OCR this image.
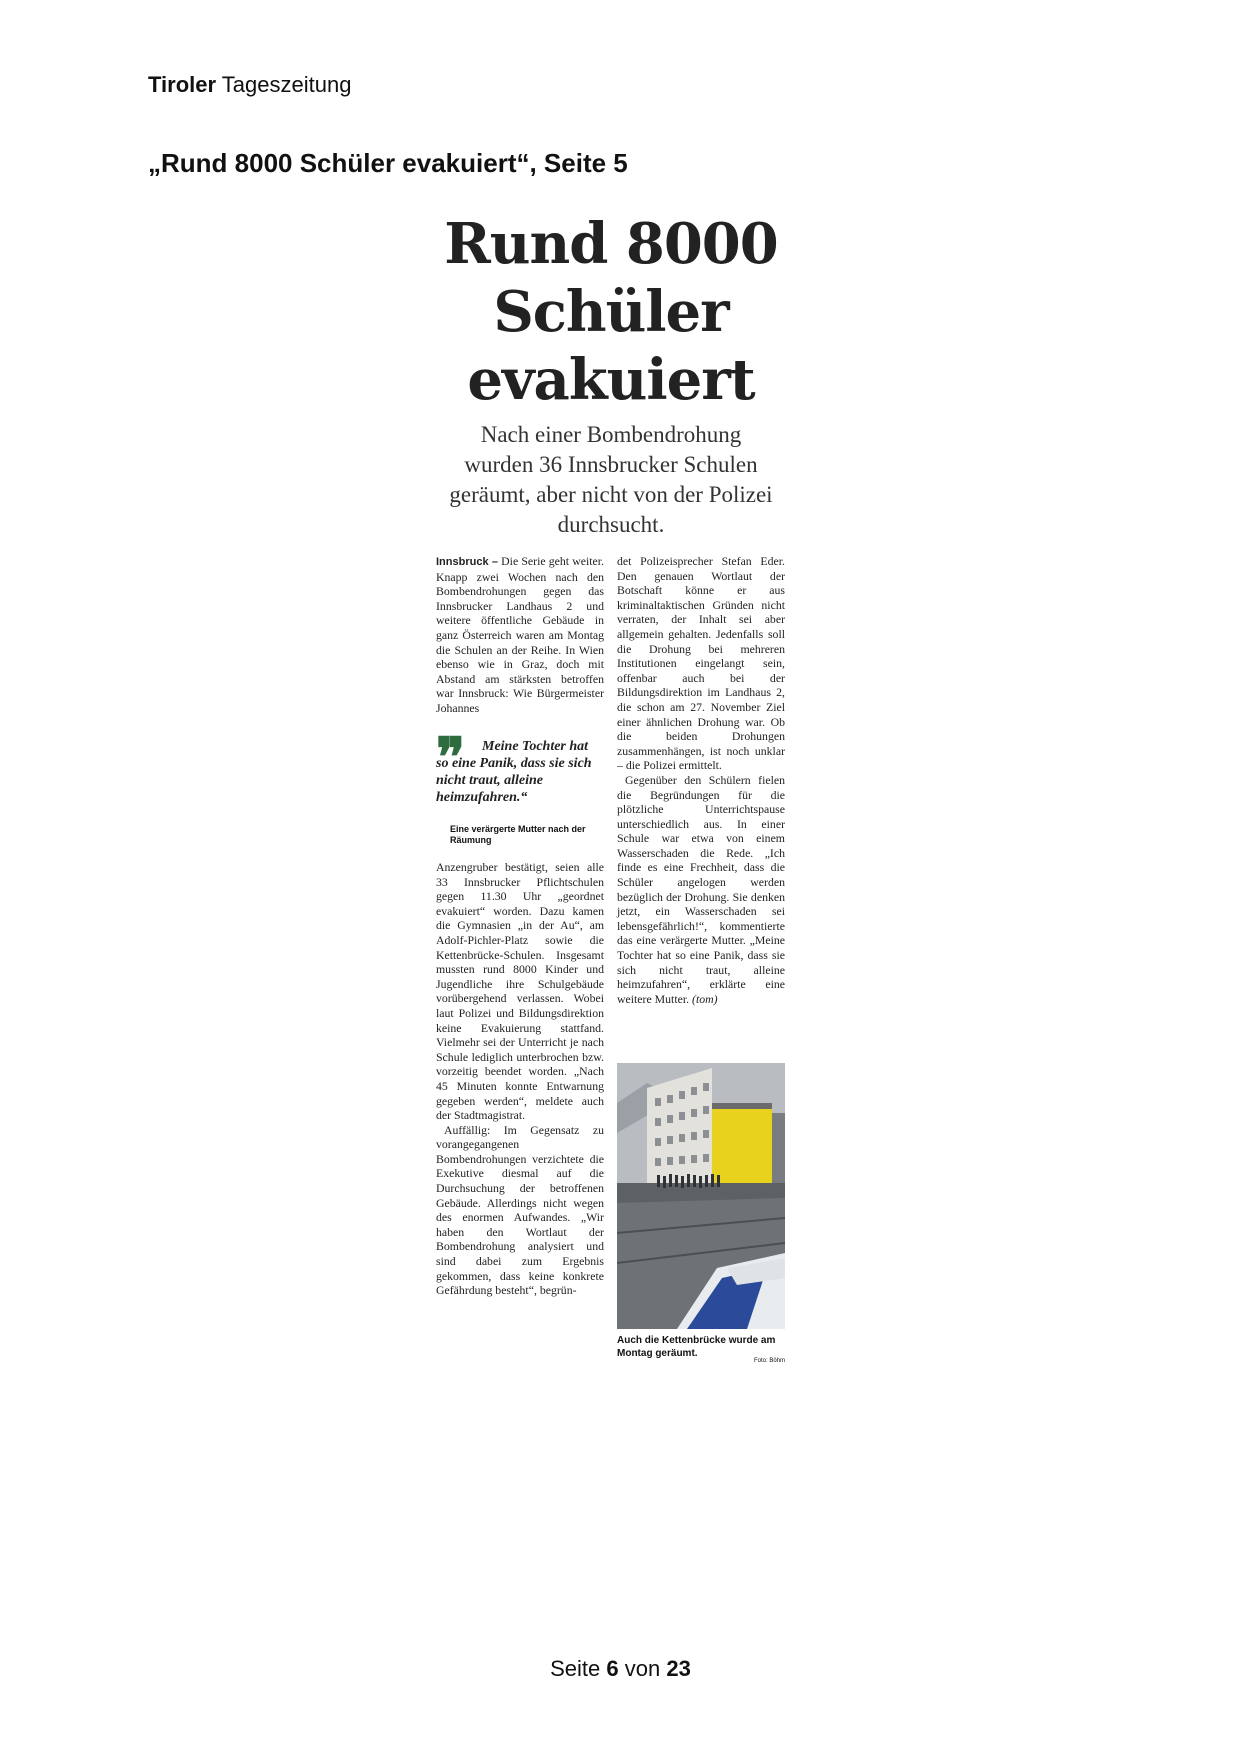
Tiroler Tageszeitung
„Rund 8000 Schüler evakuiert“, Seite 5
Rund 8000 Schüler evakuiert

Nach einer Bombendrohung wurden 36 Innsbrucker Schulen geräumt, aber nicht von der Polizei durchsucht.

Innsbruck – Die Serie geht weiter. Knapp zwei Wochen nach den Bombendrohungen gegen das Innsbrucker Landhaus 2 und weitere öffentliche Gebäude in ganz Österreich waren am Montag die Schulen an der Reihe. In Wien ebenso wie in Graz, doch mit Abstand am stärksten betroffen war Innsbruck: Wie Bürgermeister Johannes

❞	Meine Tochter hat so eine Panik, dass sie sich nicht traut, alleine heimzufahren.“

Eine verärgerte Mutter nach der Räumung

Anzengruber bestätigt, seien alle 33 Innsbrucker Pflichtschulen gegen 11.30 Uhr „geordnet evakuiert“ worden. Dazu kamen die Gymnasien „in der Au“, am Adolf-Pichler-Platz sowie die Kettenbrücke-Schulen. Insgesamt mussten rund 8000 Kinder und Jugendliche ihre Schulgebäude vorübergehend verlassen. Wobei laut Polizei und Bildungsdirektion keine Evakuierung stattfand. Vielmehr sei der Unterricht je nach Schule lediglich unterbrochen bzw. vorzeitig beendet worden. „Nach 45 Minuten konnte Entwarnung gegeben werden“, meldete auch der Stadtmagistrat.

Auffällig: Im Gegensatz zu vorangegangenen Bombendrohungen verzichtete die Exekutive diesmal auf die Durchsuchung der betroffenen Gebäude. Allerdings nicht wegen des enormen Aufwandes. „Wir haben den Wortlaut der Bombendrohung analysiert und sind dabei zum Ergebnis gekommen, dass keine konkrete Gefährdung besteht“, begrün-

det Polizeisprecher Stefan Eder. Den genauen Wortlaut der Botschaft könne er aus kriminaltaktischen Gründen nicht verraten, der Inhalt sei aber allgemein gehalten. Jedenfalls soll die Drohung bei mehreren Institutionen eingelangt sein, offenbar auch bei der Bildungsdirektion im Landhaus 2, die schon am 27. November Ziel einer ähnlichen Drohung war. Ob die beiden Drohungen zusammenhängen, ist noch unklar – die Polizei ermittelt.

Gegenüber den Schülern fielen die Begründungen für die plötzliche Unterrichtspause unterschiedlich aus. In einer Schule war etwa von einem Wasserschaden die Rede. „Ich finde es eine Frechheit, dass die Schüler angelogen werden bezüglich der Drohung. Sie denken jetzt, ein Wasserschaden sei lebensgefährlich!“, kommentierte das eine verärgerte Mutter. „Meine Tochter hat so eine Panik, dass sie sich nicht traut, alleine heimzufahren“, erklärte eine weitere Mutter. (tom)

Auch die Kettenbrücke wurde am Montag geräumt.
Foto: Böhm
Seite 6 von 23
